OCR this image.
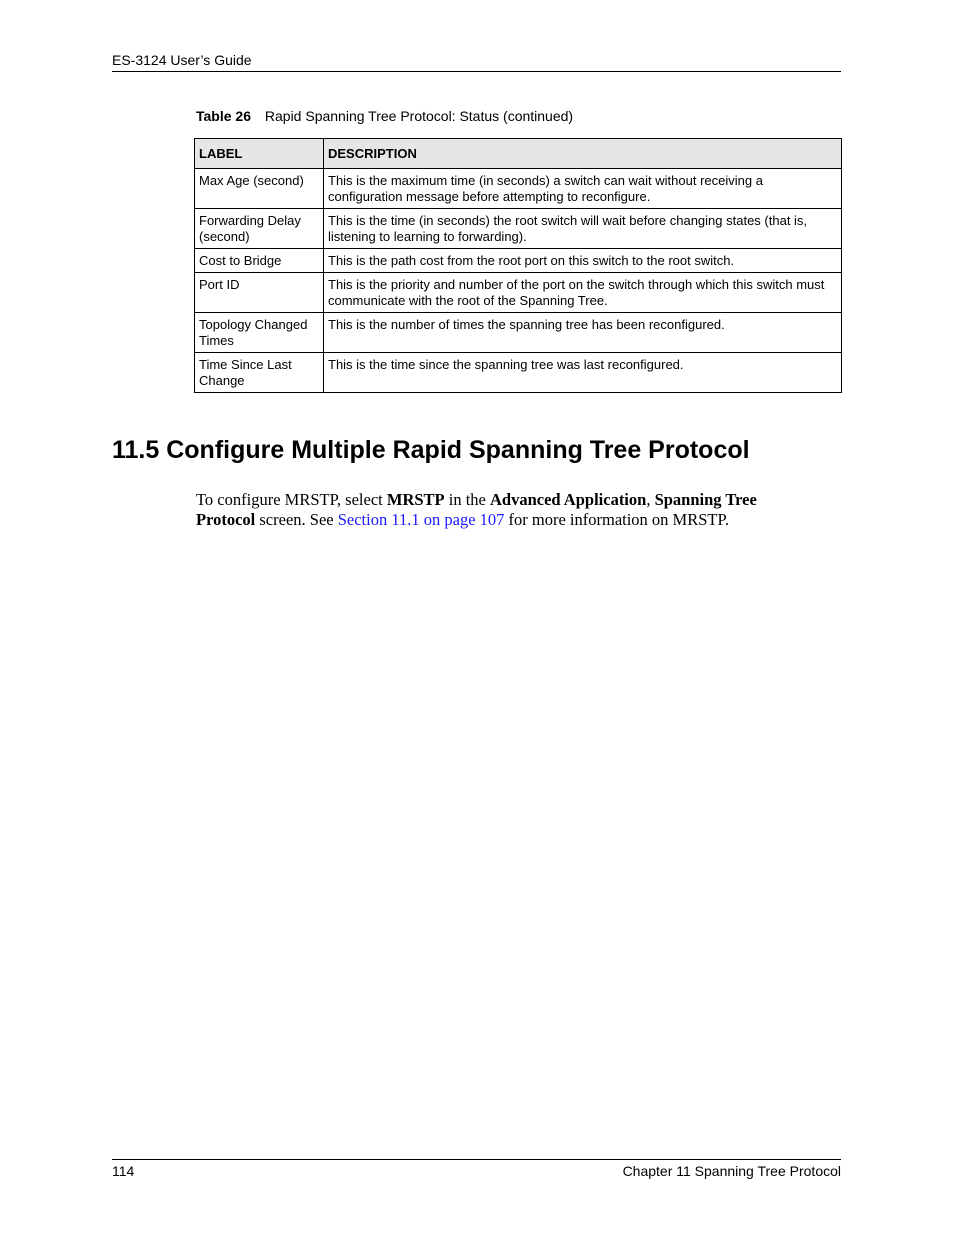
ES-3124 User’s Guide
Table 26 Rapid Spanning Tree Protocol: Status (continued)
LABEL	DESCRIPTION
Max Age (second)	This is the maximum time (in seconds) a switch can wait without receiving a configuration message before attempting to reconfigure.
Forwarding Delay (second)	This is the time (in seconds) the root switch will wait before changing states (that is, listening to learning to forwarding).
Cost to Bridge	This is the path cost from the root port on this switch to the root switch.
Port ID	This is the priority and number of the port on the switch through which this switch must communicate with the root of the Spanning Tree.
Topology Changed Times	This is the number of times the spanning tree has been reconfigured.
Time Since Last Change	This is the time since the spanning tree was last reconfigured.
11.5 Configure Multiple Rapid Spanning Tree Protocol

To configure MRSTP, select MRSTP in the Advanced Application, Spanning Tree Protocol screen. See Section 11.1 on page 107 for more information on MRSTP.

114	Chapter 11 Spanning Tree Protocol
